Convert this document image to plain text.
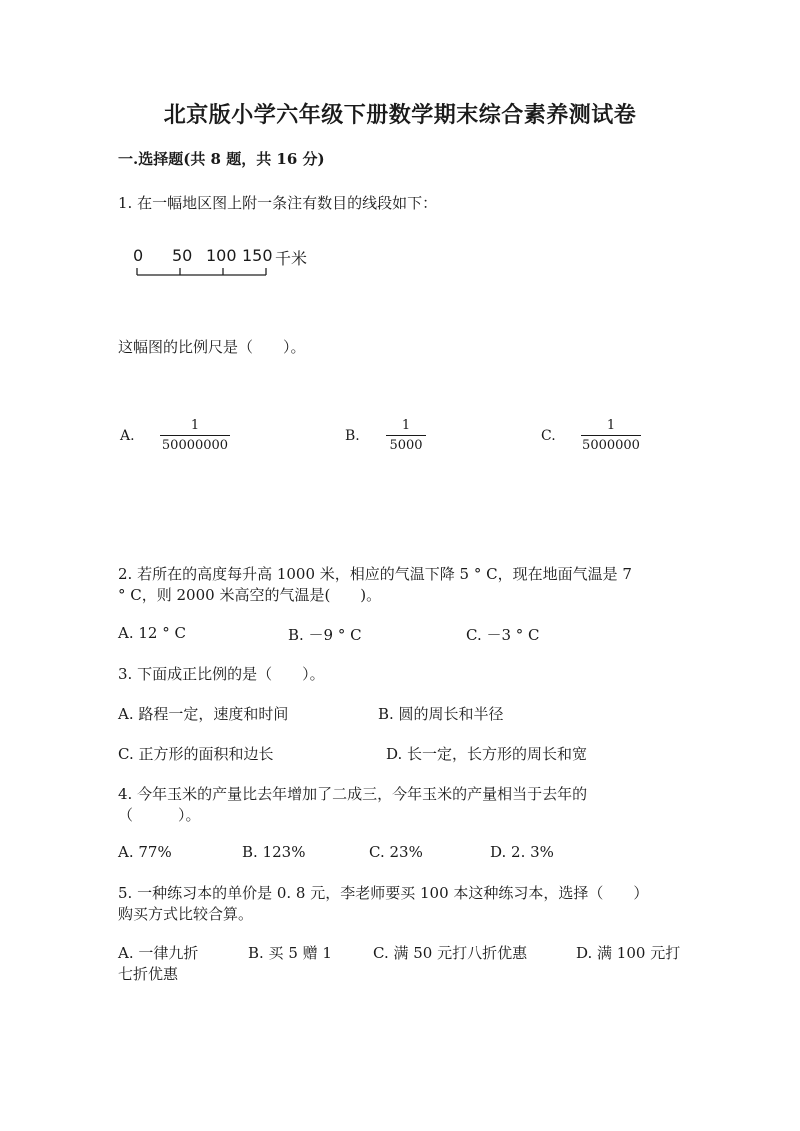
北京版小学六年级下册数学期末综合素养测试卷
一.选择题(共 8 题，共 16 分)
1. 在一幅地区图上附一条注有数目的线段如下：
0 50 100 150 千米
这幅图的比例尺是（　　）。
A.
1
50000000
B.
1
5000
C.
1
5000000
2. 若所在的高度每升高 1000 米，相应的气温下降 5 ° C，现在地面气温是 7
° C，则 2000 米高空的气温是(　　)。
A. 12 ° C	B. －9 ° C	C. －3 ° C
3. 下面成正比例的是（　　）。
A. 路程一定，速度和时间	B. 圆的周长和半径
C. 正方形的面积和边长	D. 长一定，长方形的周长和宽
4. 今年玉米的产量比去年增加了二成三，今年玉米的产量相当于去年的
（　　　）。
A. 77%	B. 123%	C. 23%	D. 2. 3%
5. 一种练习本的单价是 0. 8 元，李老师要买 100 本这种练习本，选择（　　）
购买方式比较合算。
A. 一律九折	B. 买 5 赠 1	C. 满 50 元打八折优惠	D. 满 100 元打
七折优惠
